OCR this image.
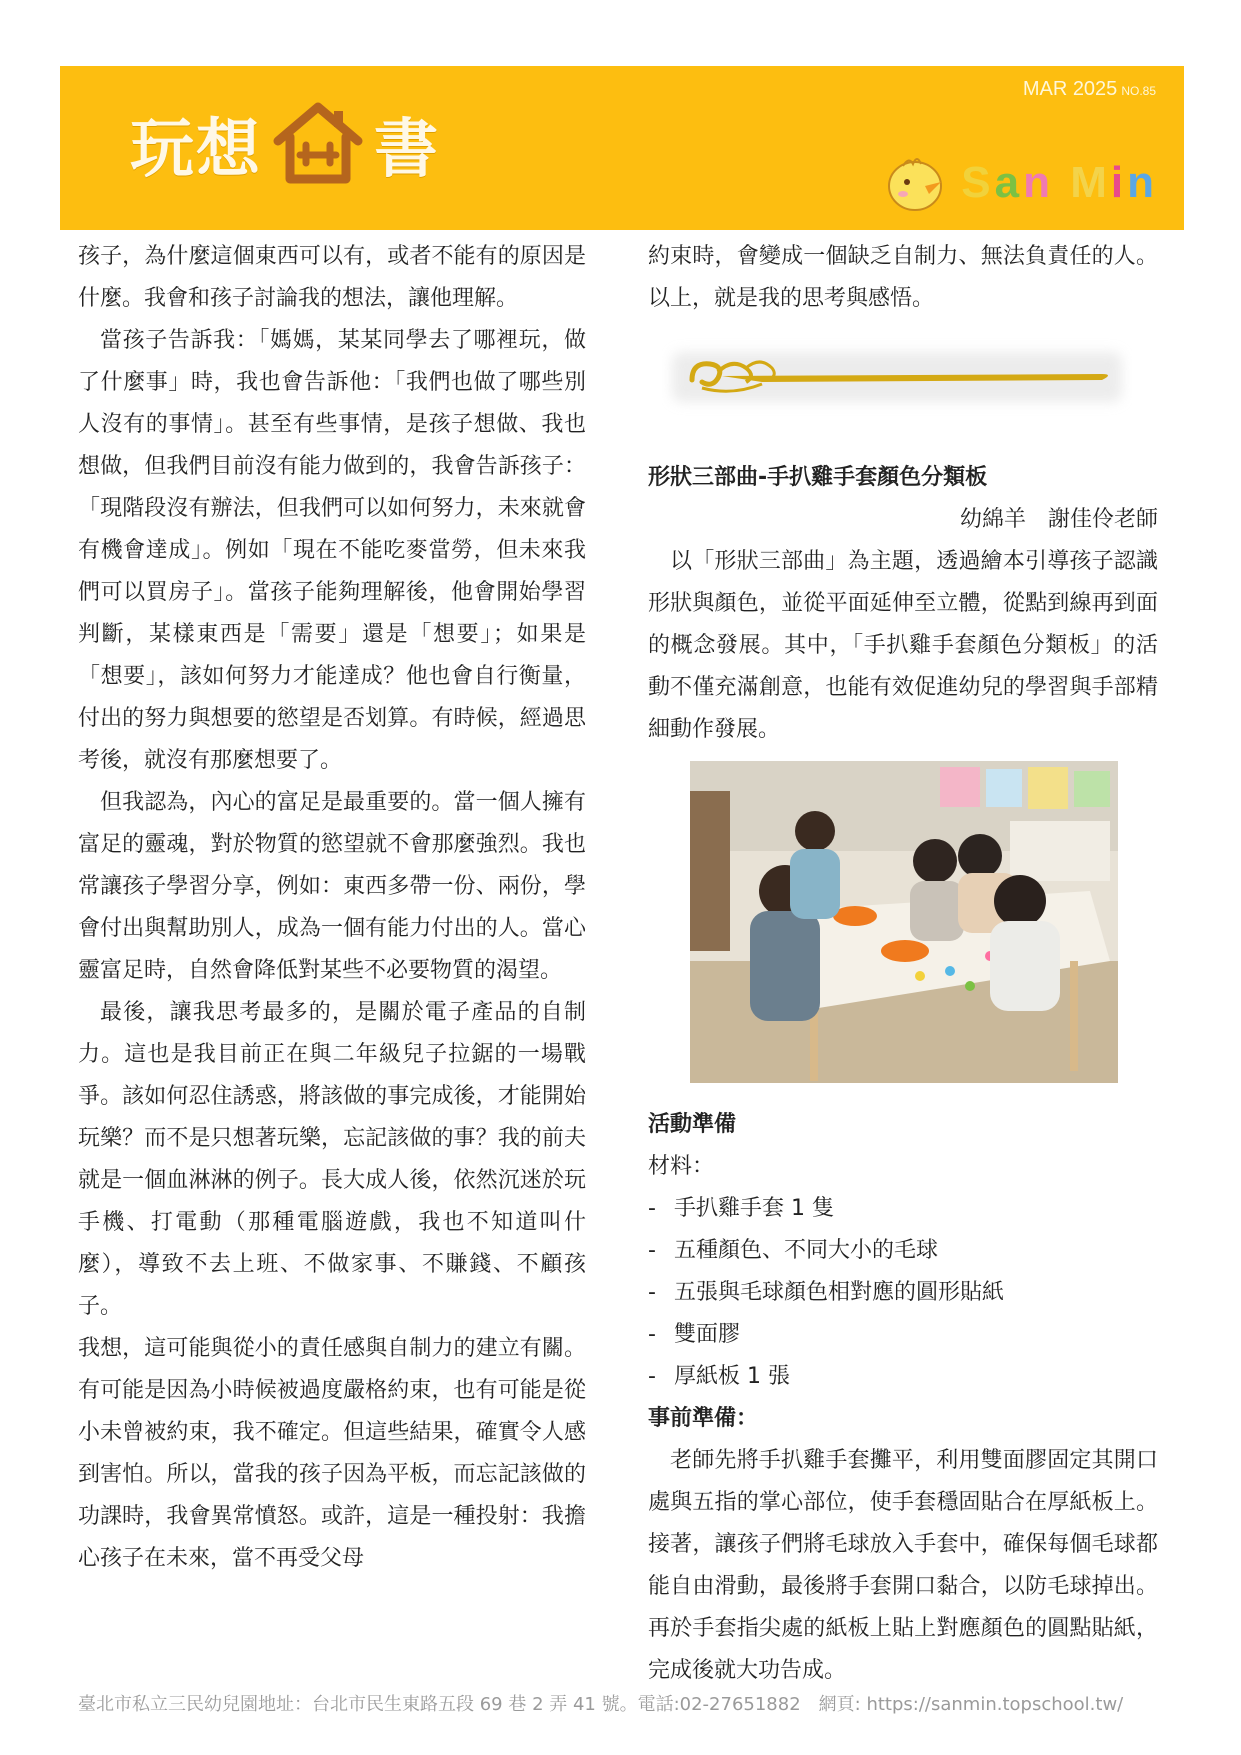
玩想 書
MAR 2025 NO.85
San Min

孩子，為什麼這個東西可以有，或者不能有的原因是什麼。我會和孩子討論我的想法，讓他理解。

當孩子告訴我：「媽媽，某某同學去了哪裡玩，做了什麼事」時，我也會告訴他：「我們也做了哪些別人沒有的事情」。甚至有些事情，是孩子想做、我也想做，但我們目前沒有能力做到的，我會告訴孩子：「現階段沒有辦法，但我們可以如何努力，未來就會有機會達成」。例如「現在不能吃麥當勞，但未來我們可以買房子」。當孩子能夠理解後，他會開始學習判斷，某樣東西是「需要」還是「想要」；如果是「想要」，該如何努力才能達成？他也會自行衡量，付出的努力與想要的慾望是否划算。有時候，經過思考後，就沒有那麼想要了。

但我認為，內心的富足是最重要的。當一個人擁有富足的靈魂，對於物質的慾望就不會那麼強烈。我也常讓孩子學習分享，例如：東西多帶一份、兩份，學會付出與幫助別人，成為一個有能力付出的人。當心靈富足時，自然會降低對某些不必要物質的渴望。

最後，讓我思考最多的，是關於電子產品的自制力。這也是我目前正在與二年級兒子拉鋸的一場戰爭。該如何忍住誘惑，將該做的事完成後，才能開始玩樂？而不是只想著玩樂，忘記該做的事？我的前夫就是一個血淋淋的例子。長大成人後，依然沉迷於玩手機、打電動（那種電腦遊戲，我也不知道叫什麼），導致不去上班、不做家事、不賺錢、不顧孩子。

我想，這可能與從小的責任感與自制力的建立有關。有可能是因為小時候被過度嚴格約束，也有可能是從小未曾被約束，我不確定。但這些結果，確實令人感到害怕。所以，當我的孩子因為平板，而忘記該做的功課時，我會異常憤怒。或許，這是一種投射：我擔心孩子在未來，當不再受父母

約束時，會變成一個缺乏自制力、無法負責任的人。以上，就是我的思考與感悟。

形狀三部曲-手扒雞手套顏色分類板
幼綿羊　謝佳伶老師

以「形狀三部曲」為主題，透過繪本引導孩子認識形狀與顏色，並從平面延伸至立體，從點到線再到面的概念發展。其中，「手扒雞手套顏色分類板」的活動不僅充滿創意，也能有效促進幼兒的學習與手部精細動作發展。

活動準備
材料：
- 手扒雞手套 1 隻
- 五種顏色、不同大小的毛球
- 五張與毛球顏色相對應的圓形貼紙
- 雙面膠
- 厚紙板 1 張
事前準備：

老師先將手扒雞手套攤平，利用雙面膠固定其開口處與五指的掌心部位，使手套穩固貼合在厚紙板上。接著，讓孩子們將毛球放入手套中，確保每個毛球都能自由滑動，最後將手套開口黏合，以防毛球掉出。再於手套指尖處的紙板上貼上對應顏色的圓點貼紙，完成後就大功告成。

臺北市私立三民幼兒園地址：台北市民生東路五段 69 巷 2 弄 41 號。電話:02-27651882　網頁: https://sanmin.topschool.tw/
